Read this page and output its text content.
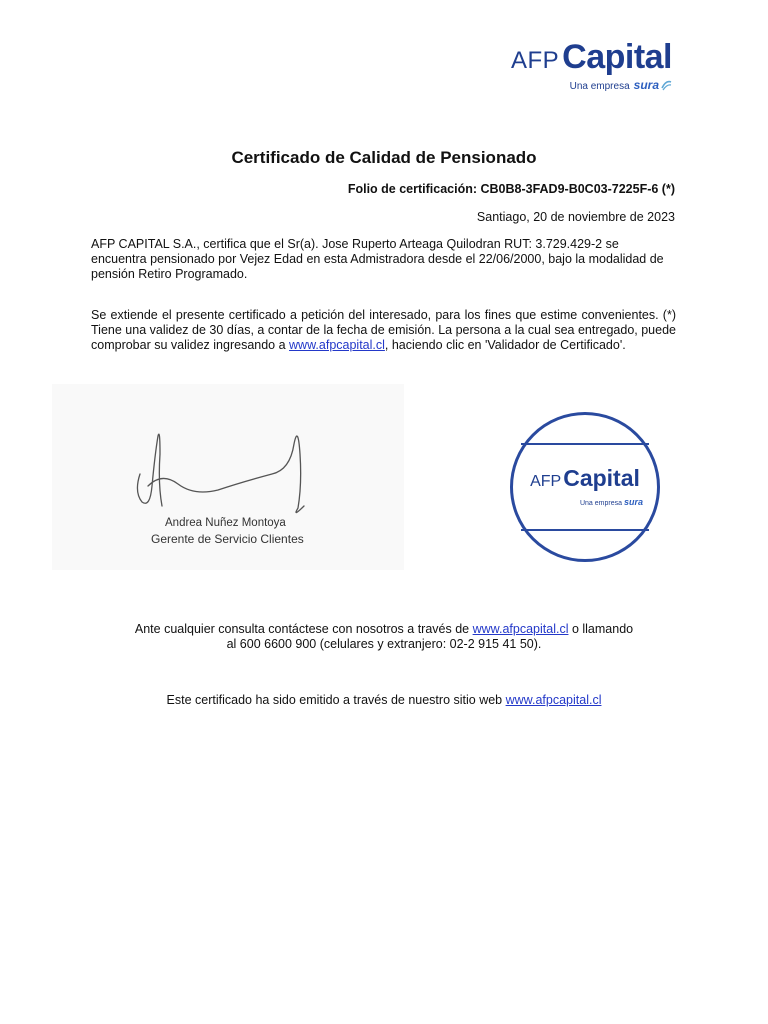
AFPCapital
Una empresa sura
Certificado de Calidad de Pensionado
Folio de certificación: CB0B8-3FAD9-B0C03-7225F-6 (*)
Santiago, 20 de noviembre de 2023
AFP CAPITAL S.A., certifica que el Sr(a). Jose Ruperto Arteaga Quilodran RUT: 3.729.429-2 se encuentra pensionado por Vejez Edad en esta Admistradora desde el 22/06/2000, bajo la modalidad de pensión Retiro Programado.
Se extiende el presente certificado a petición del interesado, para los fines que estime convenientes. (*) Tiene una validez de 30 días, a contar de la fecha de emisión. La persona a la cual sea entregado, puede comprobar su validez ingresando a www.afpcapital.cl, haciendo clic en 'Validador de Certificado'.
Andrea Nuñez Montoya
Gerente de Servicio Clientes
AFPCapital
Una empresa sura
Ante cualquier consulta contáctese con nosotros a través de www.afpcapital.cl o llamando
al 600 6600 900 (celulares y extranjero: 02-2 915 41 50).
Este certificado ha sido emitido a través de nuestro sitio web www.afpcapital.cl
